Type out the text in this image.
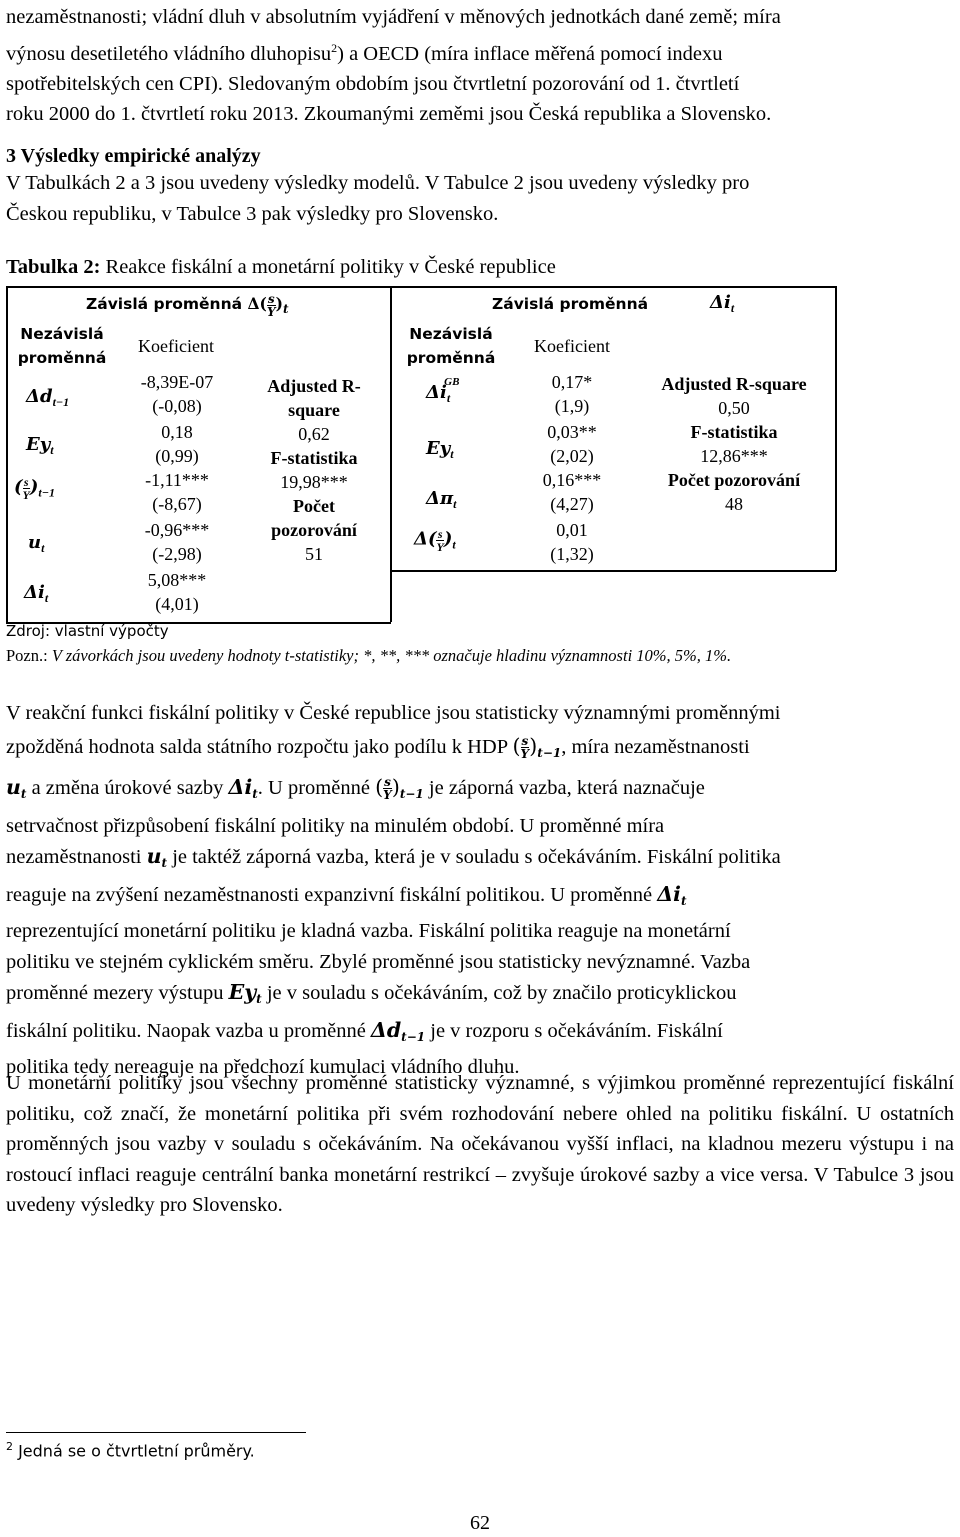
nezaměstnanosti; vládní dluh v absolutním vyjádření v měnových jednotkách dané země; míra

výnosu desetiletého vládního dluhopisu$^2$) a OECD (míra inflace měřená pomocí indexu

spotřebitelských cen CPI). Sledovaným obdobím jsou čtvrtletní pozorování od 1. čtvrtletí

roku 2000 do 1. čtvrtletí roku 2013. Zkoumanými zeměmi jsou Česká republika a Slovensko.

3 Výsledky empirické analýzy

V Tabulkách 2 a 3 jsou uvedeny výsledky modelů. V Tabulce 2 jsou uvedeny výsledky pro

Českou republiku, v Tabulce 3 pak výsledky pro Slovensko.

Tabulka 2: Reakce fiskální a monetární politiky v České republice
Závislá proměnná $\Delta( \frac{s}{Y} )_t$
Nezávislá
proměnná
Koeficient
$\Delta d_{t-1}$
$Ey_t$
( $\frac{s}{Y} )_{t-1}$
$u_t$
$\Delta i_t$
-8,39E-07
(-0,08)
0,18
(0,99)
-1,11***
(-8,67)
-0,96***
(-2,98)
5,08***
(4,01)
Adjusted R-
square
0,62
F-statistika
19,98***
Počet
pozorování
51
Závislá proměnná	$\Delta i_t$
Nezávislá
proměnná
Koeficient
$\Delta i_t^{GB}$
$Ey_t$
$\Delta\pi_t$
$\Delta( \frac{s}{Y} )_t$
0,17*
(1,9)
0,03**
(2,02)
0,16***
(4,27)
0,01
(1,32)
Adjusted R-square
0,50
F-statistika
12,86***
Počet pozorování
48
Zdroj: vlastní výpočty
Pozn.: V závorkách jsou uvedeny hodnoty t-statistiky; *, **, *** označuje hladinu významnosti 10%, 5%, 1%.

V reakční funkci fiskální politiky v České republice jsou statisticky významnými proměnnými

zpožděná hodnota salda státního rozpočtu jako podílu k HDP ( $\frac{s}{Y} )_{t-1}$, míra nezaměstnanosti

$u_t$ a změna úrokové sazby $\Delta i_t$. U proměnné ( $\frac{s}{Y} )_{t-1}$ je záporná vazba, která naznačuje

setrvačnost přizpůsobení fiskální politiky na minulém období. U proměnné míra

nezaměstnanosti $u_t$ je taktéž záporná vazba, která je v souladu s očekáváním. Fiskální politika

reaguje na zvýšení nezaměstnanosti expanzivní fiskální politikou. U proměnné $\Delta i_t$

reprezentující monetární politiku je kladná vazba. Fiskální politika reaguje na monetární

politiku ve stejném cyklickém směru. Zbylé proměnné jsou statisticky nevýznamné. Vazba

proměnné mezery výstupu $Ey_t$ je v souladu s očekáváním, což by značilo proticyklickou

fiskální politiku. Naopak vazba u proměnné $\Delta d_{t-1}$ je v rozporu s očekáváním. Fiskální

politika tedy nereaguje na předchozí kumulaci vládního dluhu.

U monetární politiky jsou všechny proměnné statisticky významné, s výjimkou proměnné reprezentující fiskální politiku, což značí, že monetární politika při svém rozhodování nebere ohled na politiku fiskální. U ostatních proměnných jsou vazby v souladu s očekáváním. Na očekávanou vyšší inflaci, na kladnou mezeru výstupu i na rostoucí inflaci reaguje centrální banka monetární restrikcí – zvyšuje úrokové sazby a vice versa. V Tabulce 3 jsou uvedeny výsledky pro Slovensko.
$^2$ Jedná se o čtvrtletní průměry.
62
